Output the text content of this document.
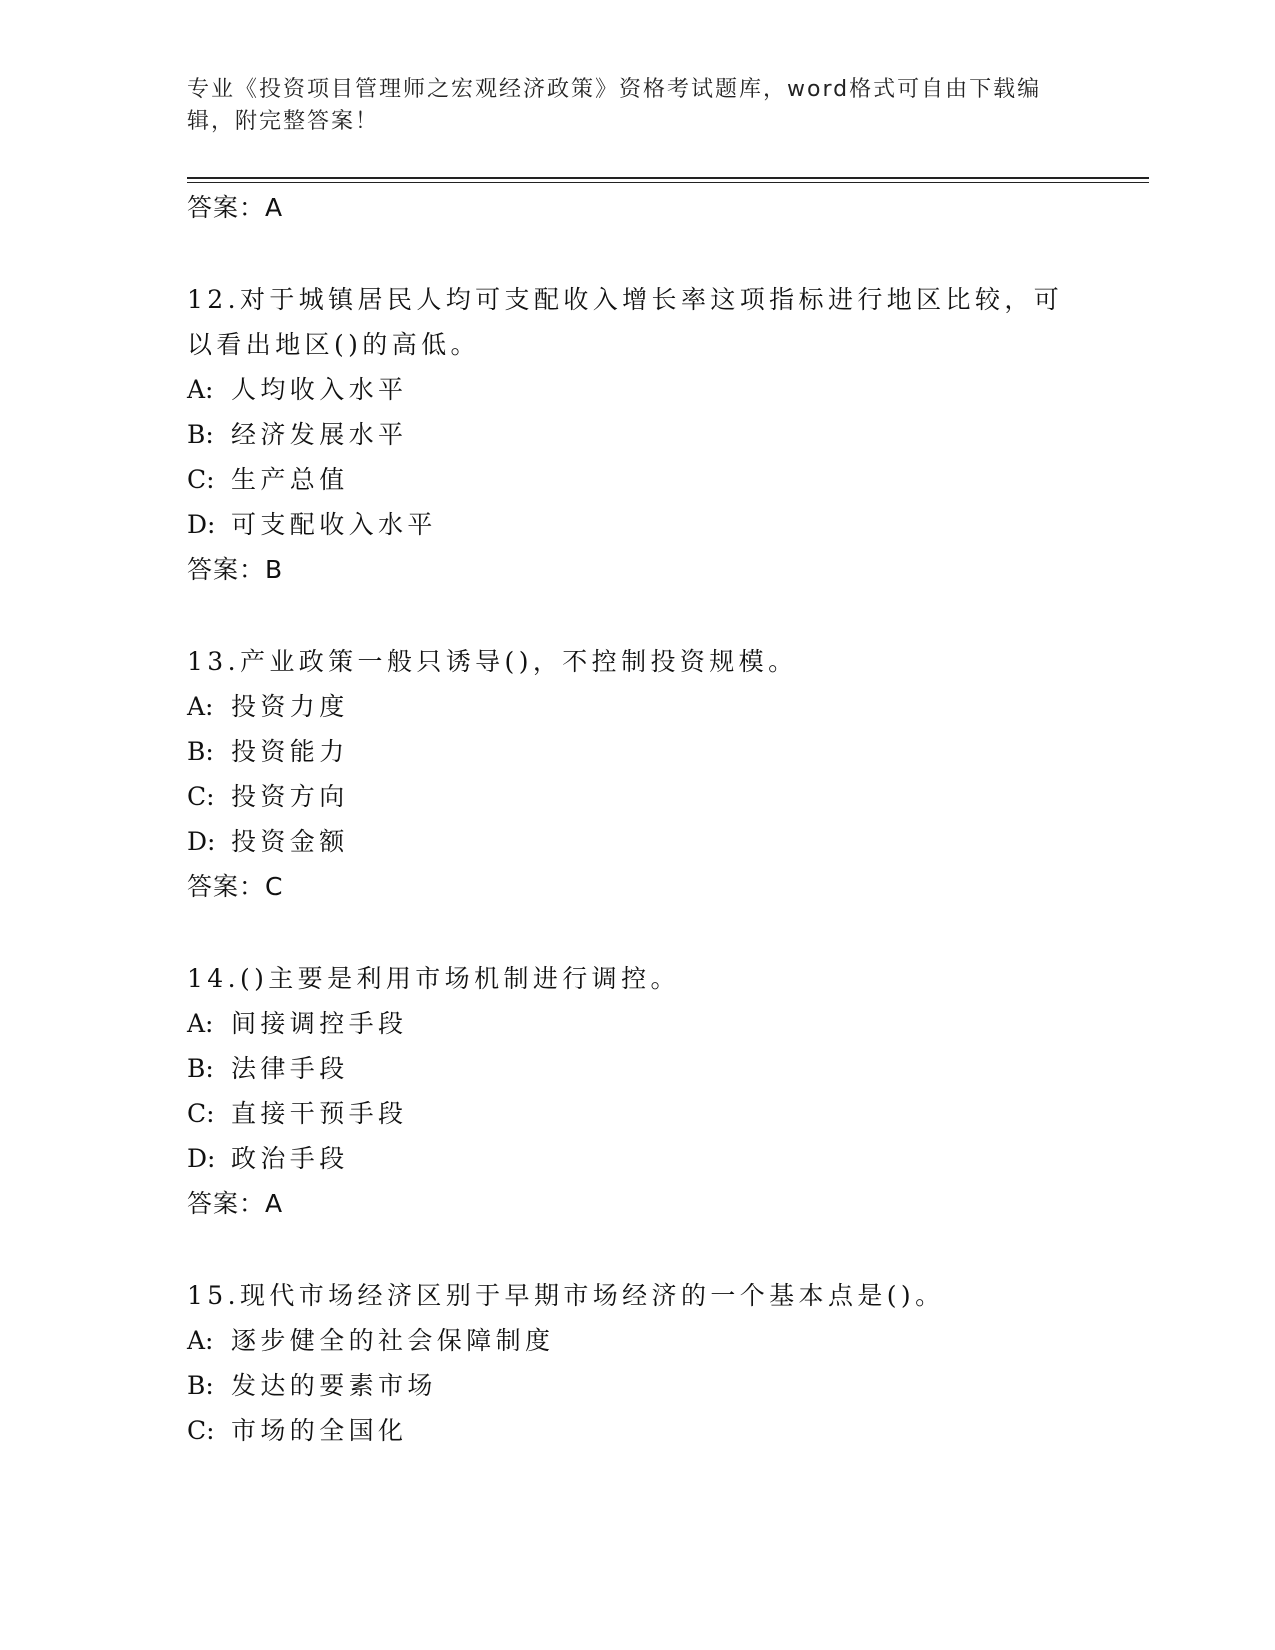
专业《投资项目管理师之宏观经济政策》资格考试题库，word格式可自由下载编辑，附完整答案！
答案：A
12.对于城镇居民人均可支配收入增长率这项指标进行地区比较，可以看出地区()的高低。
A: 人均收入水平
B: 经济发展水平
C: 生产总值
D: 可支配收入水平
答案：B
13.产业政策一般只诱导()，不控制投资规模。
A: 投资力度
B: 投资能力
C: 投资方向
D: 投资金额
答案：C
14.()主要是利用市场机制进行调控。
A: 间接调控手段
B: 法律手段
C: 直接干预手段
D: 政治手段
答案：A
15.现代市场经济区别于早期市场经济的一个基本点是()。
A: 逐步健全的社会保障制度
B: 发达的要素市场
C: 市场的全国化
